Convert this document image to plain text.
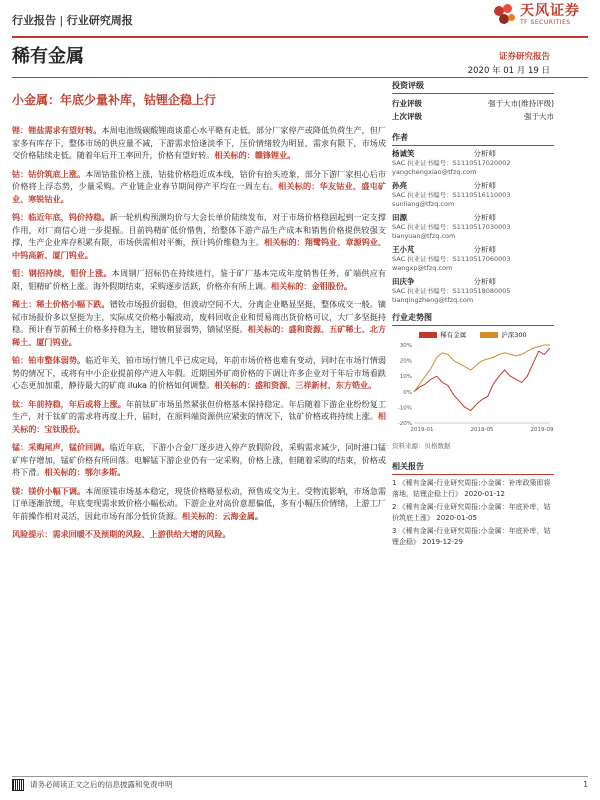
行业报告 | 行业研究周报
天风证券
TF SECURITIES
稀有金属	证券研究报告
2020 年 01 月 19 日
小金属：年底少量补库，钴锂企稳上行
锂：锂盐需求有望好转。本周电池级碳酸锂商谈重心水平略有走低，部分厂家停产或降低负荷生产，但厂家多有库存下，整体市场的供应量不减，下游需求恰逢淡季下，压价情绪较为明显，需求有限下，市场成交价格陆续走低。随着年后开工率回升，价格有望好转。相关标的：赣锋锂业。
钴：钴价筑底上涨。本周钴盐价格上涨，钴盐价格趋近成本线，钴价有抬头迹象，部分下游厂家担心后市价格将上浮态势，少量采购。产业链企业春节期间停产平均在一周左右。相关标的：华友钴业、盛屯矿业、寒锐钴业。
钨：临近年底，钨价持稳。新一轮机构预测均价与大会长单价陆续发布，对于市场价格稳固起到一定支撑作用，对厂商信心进一步提振。目前钨精矿低价惜售，给整体下游产品生产成本和销售价格提供较强支撑，生产企业库存积累有限，市场供需相对平衡，预计钨价维稳为主。相关标的：翔鹭钨业、章源钨业、中钨高新、厦门钨业。
钼：钢招持续，钼价上涨。本周钢厂招标仍在持续进行，鉴于矿厂基本完成年度销售任务，矿端供应有限，钼精矿价格上涨。海外假期结束，采购逐步活跃，价格亦有所上调。相关标的：金钼股份。
稀土：稀土价格小幅下跌。镨钕市场报价弱稳，但波动空间不大，分离企业略显坚挺，整体成交一般。镝铽市场报价多以坚挺为主，实际成交价格小幅波动，废料回收企业和贸易商出货价格可议，大厂多坚挺持稳。预计春节前稀土价格多持稳为主，镨钕稍显弱势，镝铽坚挺。相关标的：盛和资源、五矿稀土、北方稀土、厦门钨业。
铂：铂市整体弱势。临近年关，铂市场行情几乎已成定局，年前市场价格也难有变动，同时在市场行情弱势的情况下，或将有中小企业提前停产进入年假。近期国外矿商价格的下调让许多企业对于年后市场看跌心态更加加重，静待最大的矿商 iluka 的价格如何调整。相关标的：盛和资源、三祥新材、东方锆业。
钛：年前持稳，年后或将上涨。年前钛矿市场虽然紧张但价格基本保持稳定。年后随着下游企业纷纷复工生产，对于钛矿的需求将再度上升，届时，在原料端资源供应紧张的情况下，钛矿价格或将持续上涨。相关标的：宝钛股份。
锰：采购尾声，锰价回调。临近年底，下游小合金厂逐步进入停产放假阶段，采购需求减少，同时港口锰矿库存增加，锰矿价格有所回落。电解锰下游企业仍有一定采购，价格上涨，但随着采购的结束，价格或将下滑。相关标的：鄂尔多斯。
镁：镁价小幅下调。本周原镁市场基本稳定，现货价格略显松动，预售成交为主。受物流影响，市场急需订单逐渐放缓，年底变现需求致价格小幅松动。下游企业对高价意愿偏低，多有小幅压价情绪，上游工厂年前操作相对灵活，因此市场有部分低价货源。相关标的：云海金属。
风险提示：需求回暖不及预期的风险、上游供给大增的风险。
投资评级
行业评级	强于大市(维持评级)
上次评级	强于大市
作者
杨诚笑	分析师
SAC 执业证书编号：S1110517020002
yangchengxiao@tfzq.com
孙亮	分析师
SAC 执业证书编号：S1110516110003
sunliang@tfzq.com
田源	分析师
SAC 执业证书编号：S1110517030003
tianyuan@tfzq.com
王小芃	分析师
SAC 执业证书编号：S1110517060003
wangxp@tfzq.com
田庆争	分析师
SAC 执业证书编号：S1110518080005
tianqingzheng@tfzq.com
行业走势图
稀有金属	沪深300
-20%
-10%
0%
10%
20%
30%
2019-01	2019-05	2019-09
资料来源：贝格数据
相关报告
1 《稀有金属-行业研究周报:小金属：补库政策即将落地，钴锂企稳上行》 2020-01-12
2 《稀有金属-行业研究周报:小金属：年底补库，钴价筑底上涨》 2020-01-05
3 《稀有金属-行业研究周报:小金属：年底补库，钴锂企稳》 2019-12-29
请务必阅读正文之后的信息披露和免责申明	1
